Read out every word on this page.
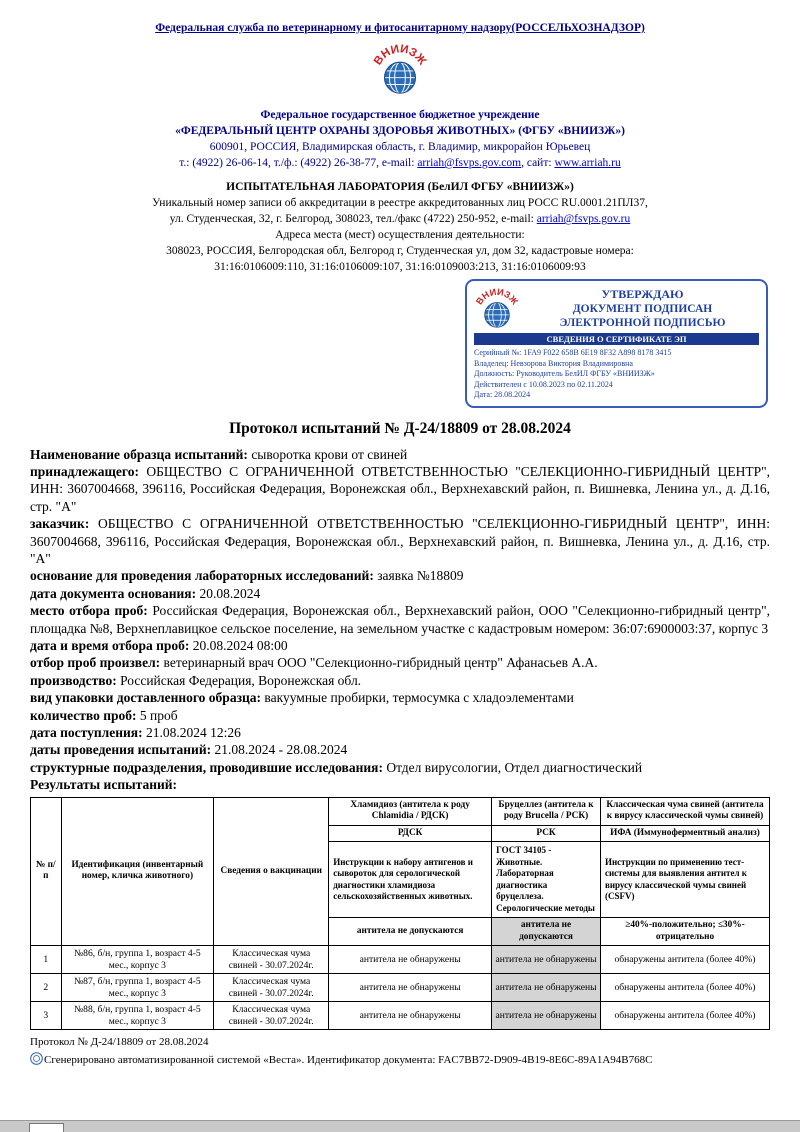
Федеральная служба по ветеринарному и фитосанитарному надзору(РОССЕЛЬХОЗНАДЗОР)
ВНИИЗЖ
Федеральное государственное бюджетное учреждение
«ФЕДЕРАЛЬНЫЙ ЦЕНТР ОХРАНЫ ЗДОРОВЬЯ ЖИВОТНЫХ» (ФГБУ «ВНИИЗЖ»)
600901, РОССИЯ, Владимирская область, г. Владимир, микрорайон Юрьевец
т.: (4922) 26-06-14, т./ф.: (4922) 26-38-77, e-mail: arriah@fsvps.gov.com, сайт: www.arriah.ru
ИСПЫТАТЕЛЬНАЯ ЛАБОРАТОРИЯ (БелИЛ ФГБУ «ВНИИЗЖ»)
Уникальный номер записи об аккредитации в реестре аккредитованных лиц РОСС RU.0001.21ПЛ37,
ул. Студенческая, 32, г. Белгород, 308023, тел./факс (4722) 250-952, e-mail: arriah@fsvps.gov.ru
Адреса места (мест) осуществления деятельности:
308023, РОССИЯ, Белгородская обл, Белгород г, Студенческая ул, дом 32, кадастровые номера:
31:16:0106009:110, 31:16:0106009:107, 31:16:0109003:213, 31:16:0106009:93
ВНИИЗЖ	УТВЕРЖДАЮ
ДОКУМЕНТ ПОДПИСАН
ЭЛЕКТРОННОЙ ПОДПИСЬЮ
СВЕДЕНИЯ О СЕРТИФИКАТЕ ЭП
Серийный №: 1FA9 F022 658B 6E19 8F32 A898 8178 3415
Владелец: Невзорова Виктория Владимировна
Должность: Руководитель БелИЛ ФГБУ «ВНИИЗЖ»
Действителен с 10.08.2023 по 02.11.2024
Дата: 28.08.2024
Протокол испытаний № Д-24/18809 от 28.08.2024
Наименование образца испытаний: сыворотка крови от свиней
принадлежащего: ОБЩЕСТВО С ОГРАНИЧЕННОЙ ОТВЕТСТВЕННОСТЬЮ "СЕЛЕКЦИОННО-ГИБРИДНЫЙ ЦЕНТР", ИНН: 3607004668, 396116, Российская Федерация, Воронежская обл., Верхнехавский район, п. Вишневка, Ленина ул., д. Д.16, стр. "А"
заказчик: ОБЩЕСТВО С ОГРАНИЧЕННОЙ ОТВЕТСТВЕННОСТЬЮ "СЕЛЕКЦИОННО-ГИБРИДНЫЙ ЦЕНТР", ИНН: 3607004668, 396116, Российская Федерация, Воронежская обл., Верхнехавский район, п. Вишневка, Ленина ул., д. Д.16, стр. "А"
основание для проведения лабораторных исследований: заявка №18809
дата документа основания: 20.08.2024
место отбора проб: Российская Федерация, Воронежская обл., Верхнехавский район, ООО "Селекционно-гибридный центр", площадка №8, Верхнеплавицкое сельское поселение, на земельном участке с кадастровым номером: 36:07:6900003:37, корпус 3
дата и время отбора проб: 20.08.2024 08:00
отбор проб произвел: ветеринарный врач ООО "Селекционно-гибридный центр" Афанасьев А.А.
производство: Российская Федерация, Воронежская обл.
вид упаковки доставленного образца: вакуумные пробирки, термосумка с хладоэлементами
количество проб: 5 проб
дата поступления: 21.08.2024 12:26
даты проведения испытаний: 21.08.2024 - 28.08.2024
структурные подразделения, проводившие исследования: Отдел вирусологии, Отдел диагностический
Результаты испытаний:
№ п/п	Идентификация (инвентарный номер, кличка животного)	Сведения о вакцинации	Хламидиоз (антитела к роду Chlamidia / РДСК)	Бруцеллез (антитела к роду Brucella / РСК)	Классическая чума свиней (антитела к вирусу классической чумы свиней)
			РДСК	РСК	ИФА (Иммуноферментный анализ)
			Инструкции к набору антигенов и сывороток для серологической диагностики хламидиоза сельскохозяйственных животных.	ГОСТ 34105 - Животные. Лабораторная диагностика бруцеллеза. Серологические методы	Инструкции по применению тест-системы для выявления антител к вирусу классической чумы свиней (CSFV)
			антитела не допускаются	антитела не допускаются	≥40%-положительно; ≤30%-отрицательно
1	№86, б/н, группа 1, возраст 4-5 мес., корпус 3	Классическая чума свиней - 30.07.2024г.	антитела не обнаружены	антитела не обнаружены	обнаружены антитела (более 40%)
2	№87, б/н, группа 1, возраст 4-5 мес., корпус 3	Классическая чума свиней - 30.07.2024г.	антитела не обнаружены	антитела не обнаружены	обнаружены антитела (более 40%)
3	№88, б/н, группа 1, возраст 4-5 мес., корпус 3	Классическая чума свиней - 30.07.2024г.	антитела не обнаружены	антитела не обнаружены	обнаружены антитела (более 40%)
Протокол № Д-24/18809 от 28.08.2024
Сгенерировано автоматизированной системой «Веста». Идентификатор документа: FAC7BB72-D909-4B19-8E6C-89A1A94B768C
